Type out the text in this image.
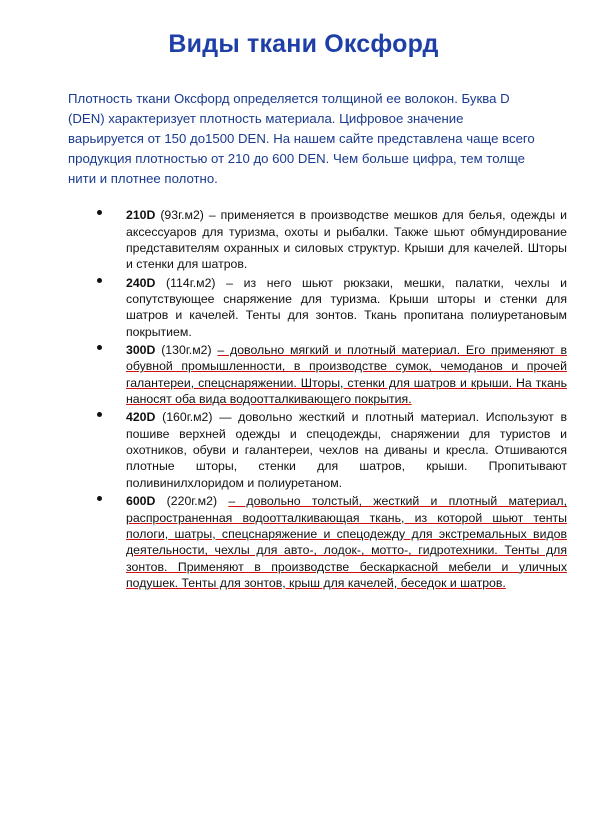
Виды ткани Оксфорд

Плотность ткани Оксфорд определяется толщиной ее волокон. Буква D (DEN) характеризует плотность материала. Цифровое значение варьируется от 150 до1500 DEN. На нашем сайте представлена чаще всего продукция плотностью от 210 до 600 DEN. Чем больше цифра, тем толще нити и плотнее полотно.

210D (93г.м2) – применяется в производстве мешков для белья, одежды и аксессуаров для туризма, охоты и рыбалки. Также шьют обмундирование представителям охранных и силовых структур. Крыши для качелей. Шторы и стенки для шатров.
240D (114г.м2) – из него шьют рюкзаки, мешки, палатки, чехлы и сопутствующее снаряжение для туризма. Крыши шторы и стенки для шатров и качелей. Тенты для зонтов. Ткань пропитана полиуретановым покрытием.
300D (130г.м2) – довольно мягкий и плотный материал. Его применяют в обувной промышленности, в производстве сумок, чемоданов и прочей галантереи, спецснаряжении. Шторы, стенки для шатров и крыши. На ткань наносят оба вида водоотталкивающего покрытия.
420D (160г.м2) — довольно жесткий и плотный материал. Используют в пошиве верхней одежды и спецодежды, снаряжении для туристов и охотников, обуви и галантереи, чехлов на диваны и кресла. Отшиваются плотные шторы, стенки для шатров, крыши. Пропитывают поливинилхлоридом и полиуретаном.
600D (220г.м2) – довольно толстый, жесткий и плотный материал, распространенная водоотталкивающая ткань, из которой шьют тенты пологи, шатры, спецснаряжение и спецодежду для экстремальных видов деятельности, чехлы для авто-, лодок-, мотто-, гидротехники. Тенты для зонтов. Применяют в производстве бескаркасной мебели и уличных подушек. Тенты для зонтов, крыш для качелей, беседок и шатров.
